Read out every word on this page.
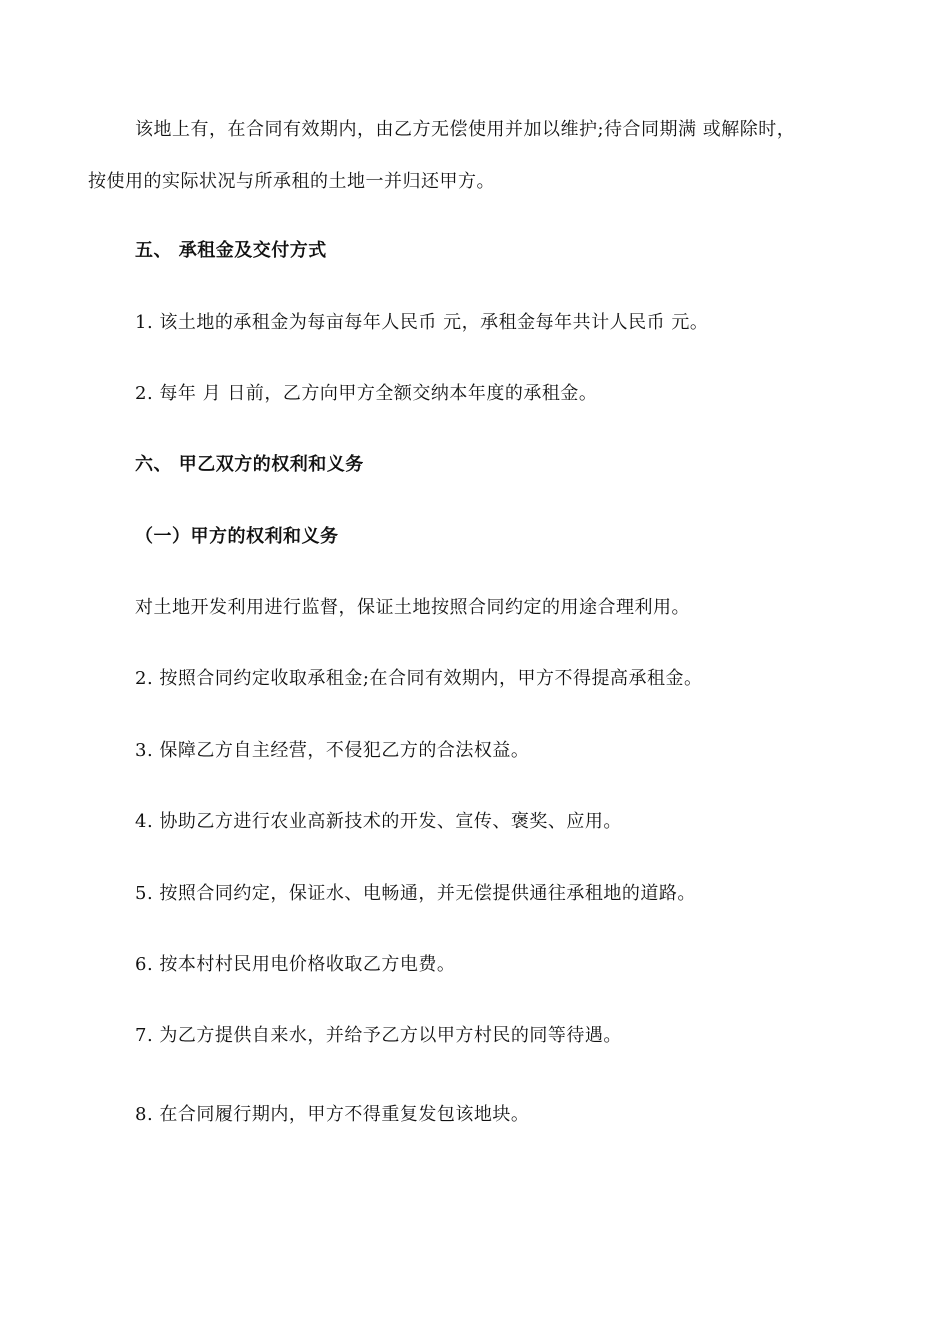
该地上有，在合同有效期内，由乙方无偿使用并加以维护;待合同期满 或解除时，
按使用的实际状况与所承租的土地一并归还甲方。
五、 承租金及交付方式
1. 该土地的承租金为每亩每年人民币 元，承租金每年共计人民币 元。
2. 每年 月 日前，乙方向甲方全额交纳本年度的承租金。
六、 甲乙双方的权利和义务
（一）甲方的权利和义务
对土地开发利用进行监督，保证土地按照合同约定的用途合理利用。
2. 按照合同约定收取承租金;在合同有效期内，甲方不得提高承租金。
3. 保障乙方自主经营，不侵犯乙方的合法权益。
4. 协助乙方进行农业高新技术的开发、宣传、褒奖、应用。
5. 按照合同约定，保证水、电畅通，并无偿提供通往承租地的道路。
6. 按本村村民用电价格收取乙方电费。
7. 为乙方提供自来水，并给予乙方以甲方村民的同等待遇。
8. 在合同履行期内，甲方不得重复发包该地块。
